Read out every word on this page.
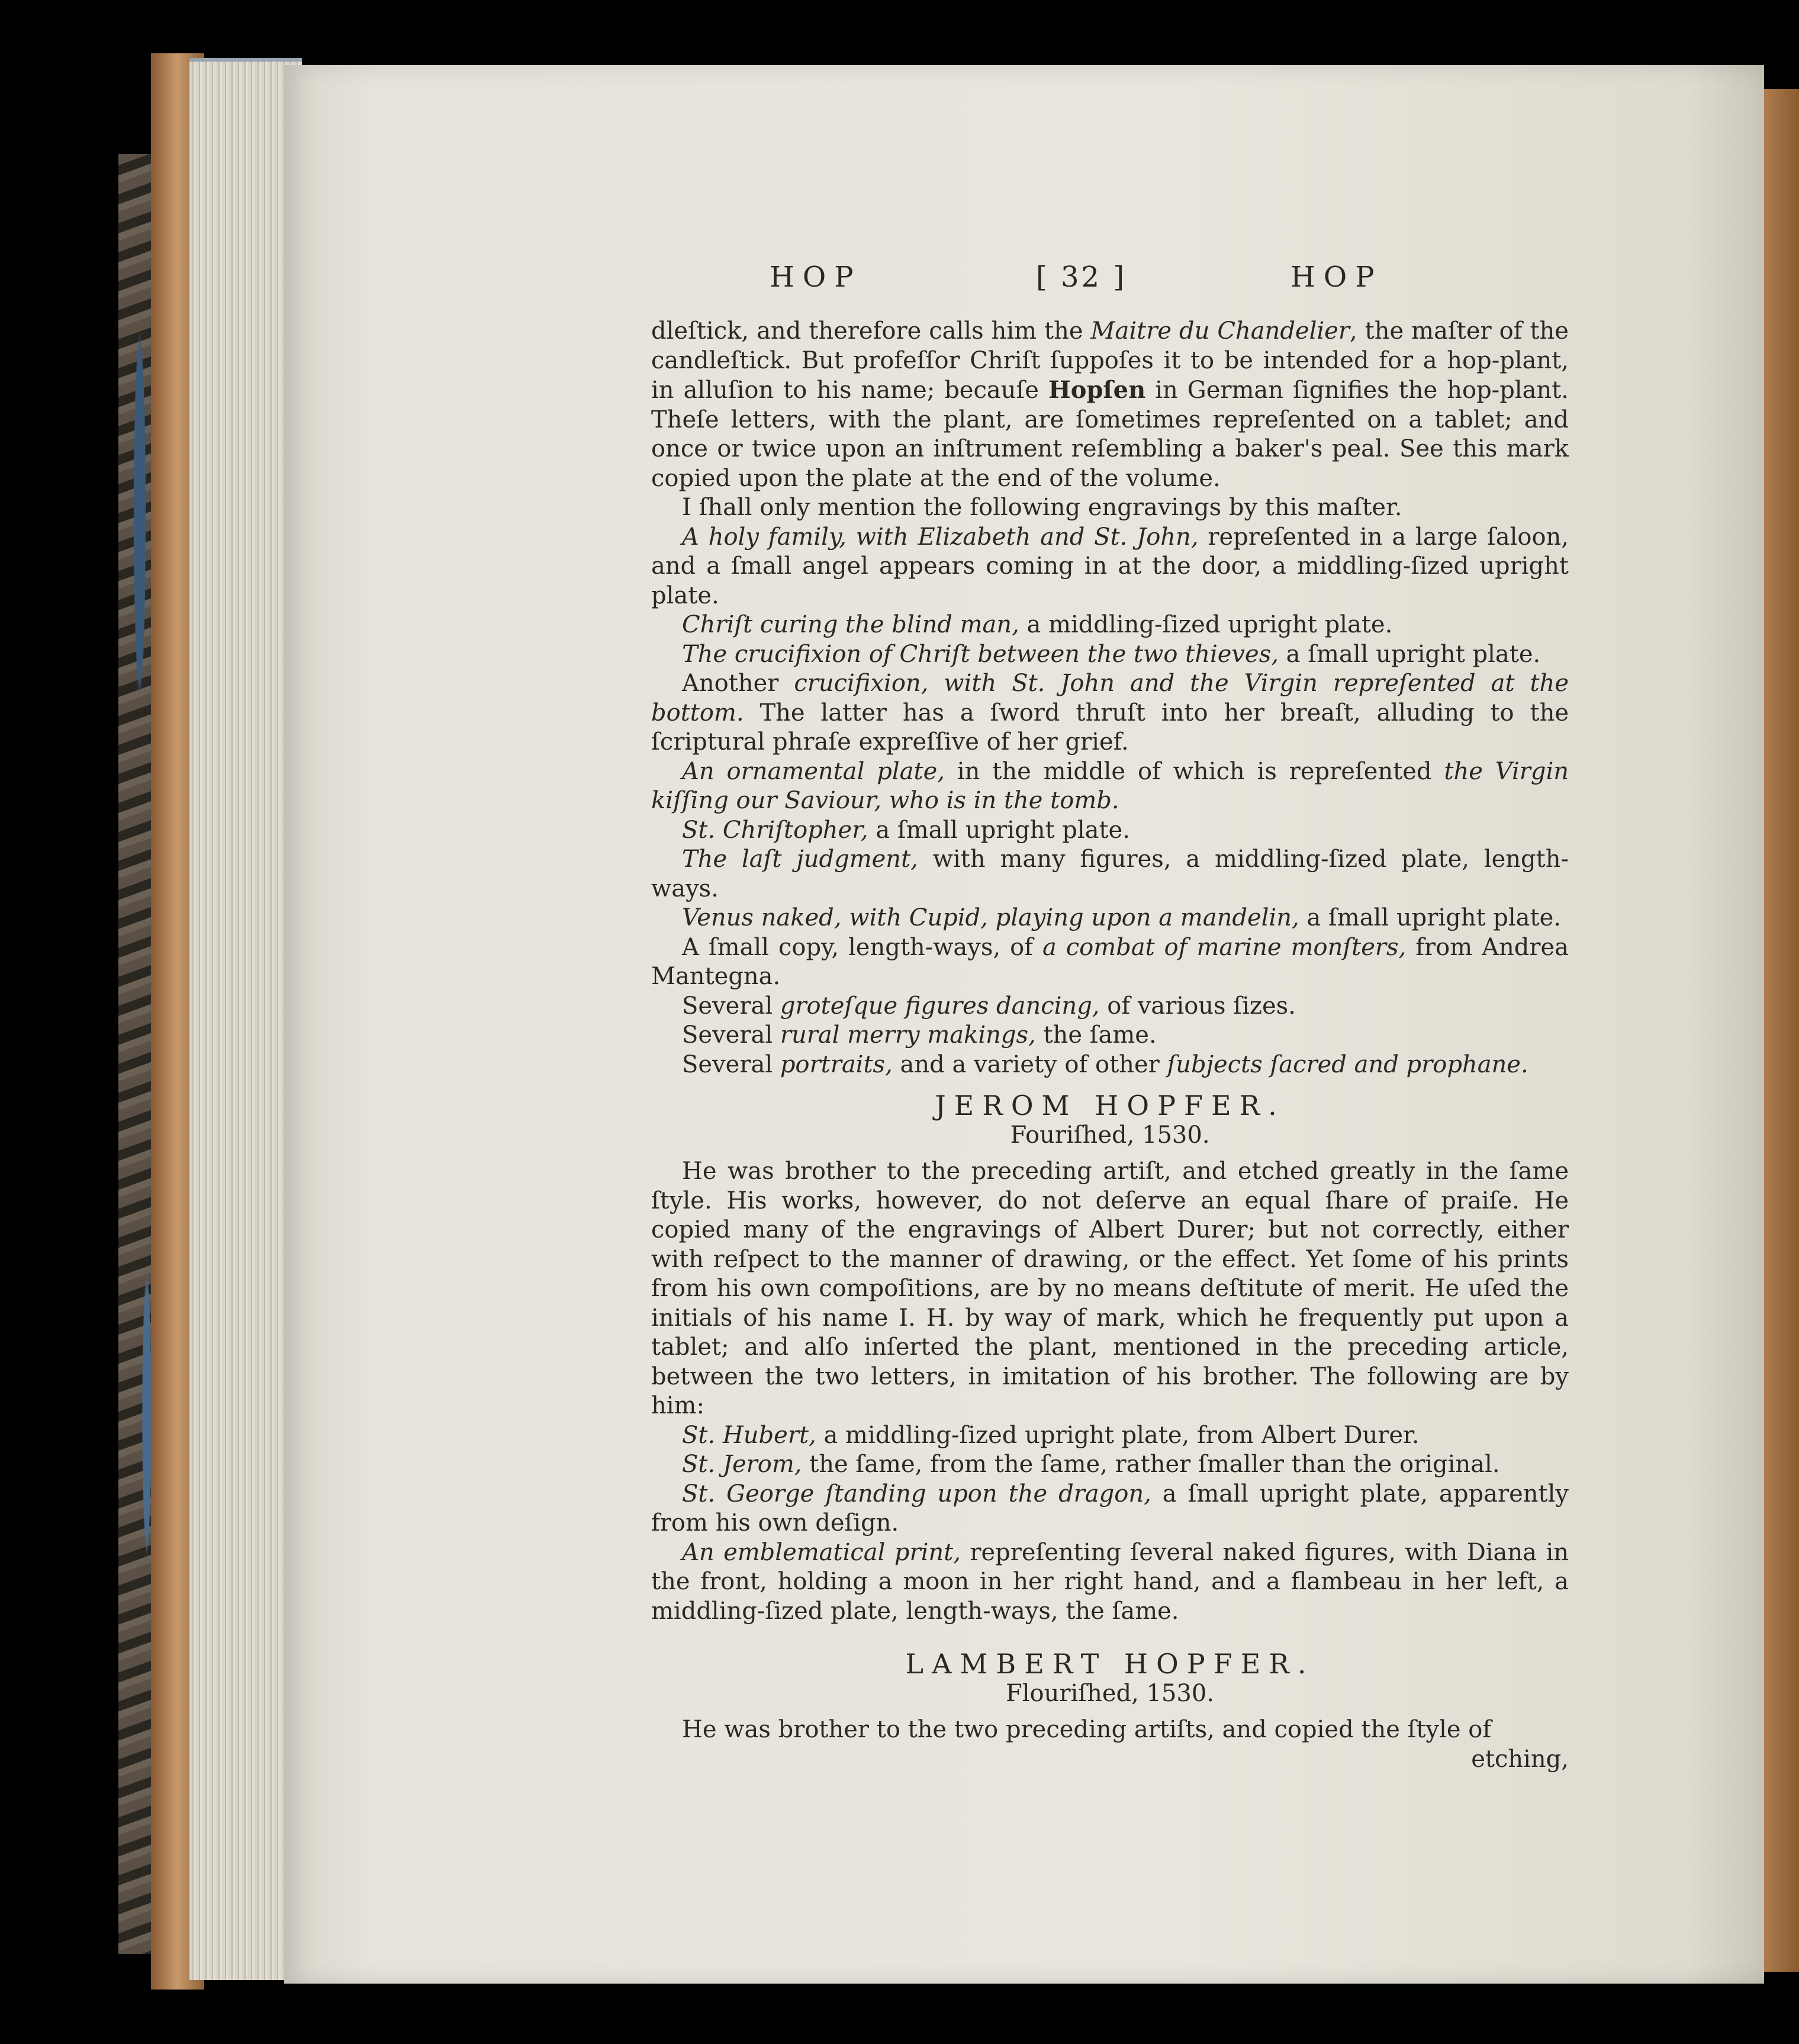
HOP	[ 32 ]	HOP

dleſtick, and therefore calls him the Maitre du Chandelier, the maſter of the candleſtick. But profeſſor Chriſt ſuppoſes it to be intended for a hop-plant, in alluſion to his name; becauſe Hopſen in German ſignifies the hop-plant. Theſe letters, with the plant, are ſometimes repreſented on a tablet; and once or twice upon an inſtrument reſembling a baker's peal. See this mark copied upon the plate at the end of the volume.

I ſhall only mention the following engravings by this maſter.

A holy family, with Elizabeth and St. John, repreſented in a large ſaloon, and a ſmall angel appears coming in at the door, a middling-ſized upright plate.

Chriſt curing the blind man, a middling-ſized upright plate.

The crucifixion of Chriſt between the two thieves, a ſmall upright plate.

Another crucifixion, with St. John and the Virgin repreſented at the bottom. The latter has a ſword thruſt into her breaſt, alluding to the ſcriptural phraſe expreſſive of her grief.

An ornamental plate, in the middle of which is repreſented the Virgin kiſſing our Saviour, who is in the tomb.

St. Chriſtopher, a ſmall upright plate.

The laſt judgment, with many figures, a middling-ſized plate, length-ways.

Venus naked, with Cupid, playing upon a mandelin, a ſmall upright plate.

A ſmall copy, length-ways, of a combat of marine monſters, from Andrea Mantegna.

Several groteſque figures dancing, of various ſizes.

Several rural merry makings, the ſame.

Several portraits, and a variety of other ſubjects ſacred and prophane.

JEROM HOPFER.

Fouriſhed, 1530.

He was brother to the preceding artiſt, and etched greatly in the ſame ſtyle. His works, however, do not deſerve an equal ſhare of praiſe. He copied many of the engravings of Albert Durer; but not correctly, either with reſpect to the manner of drawing, or the effect. Yet ſome of his prints from his own compoſitions, are by no means deſtitute of merit. He uſed the initials of his name I. H. by way of mark, which he frequently put upon a tablet; and alſo inſerted the plant, mentioned in the preceding article, between the two letters, in imitation of his brother. The following are by him:

St. Hubert, a middling-ſized upright plate, from Albert Durer.

St. Jerom, the ſame, from the ſame, rather ſmaller than the original.

St. George ſtanding upon the dragon, a ſmall upright plate, apparently from his own deſign.

An emblematical print, repreſenting ſeveral naked figures, with Diana in the front, holding a moon in her right hand, and a flambeau in her left, a middling-ſized plate, length-ways, the ſame.

LAMBERT HOPFER.

Flouriſhed, 1530.

He was brother to the two preceding artiſts, and copied the ſtyle of

etching,
